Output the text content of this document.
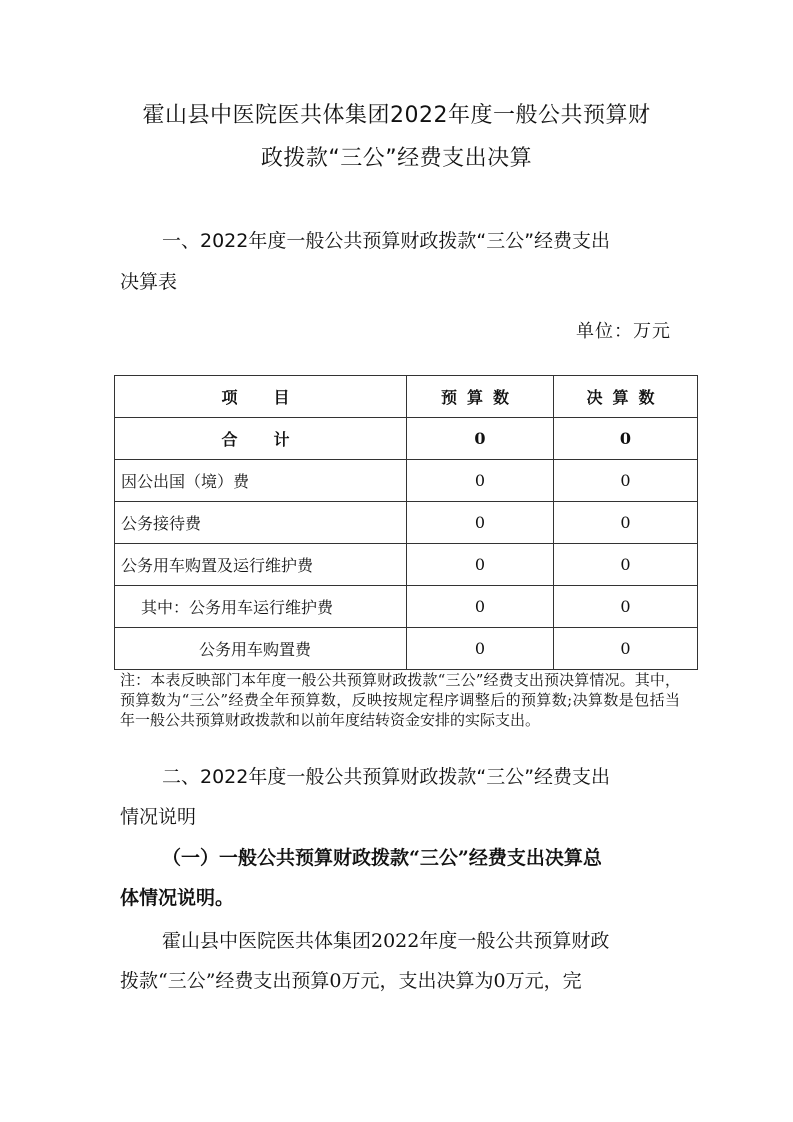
霍山县中医院医共体集团2022年度一般公共预算财
政拨款“三公”经费支出决算
一、2022年度一般公共预算财政拨款“三公”经费支出
决算表
单位：万元
项　目	预算数	决算数
合　计	0	0
因公出国（境）费	0	0
公务接待费	0	0
公务用车购置及运行维护费	0	0
其中：公务用车运行维护费	0	0
公务用车购置费	0	0

注：本表反映部门本年度一般公共预算财政拨款“三公”经费支出预决算情况。其中，预算数为“三公”经费全年预算数，反映按规定程序调整后的预算数;决算数是包括当年一般公共预算财政拨款和以前年度结转资金安排的实际支出。

二、2022年度一般公共预算财政拨款“三公”经费支出
情况说明
（一）一般公共预算财政拨款“三公”经费支出决算总
体情况说明。
霍山县中医院医共体集团2022年度一般公共预算财政
拨款“三公”经费支出预算0万元，支出决算为0万元，完
